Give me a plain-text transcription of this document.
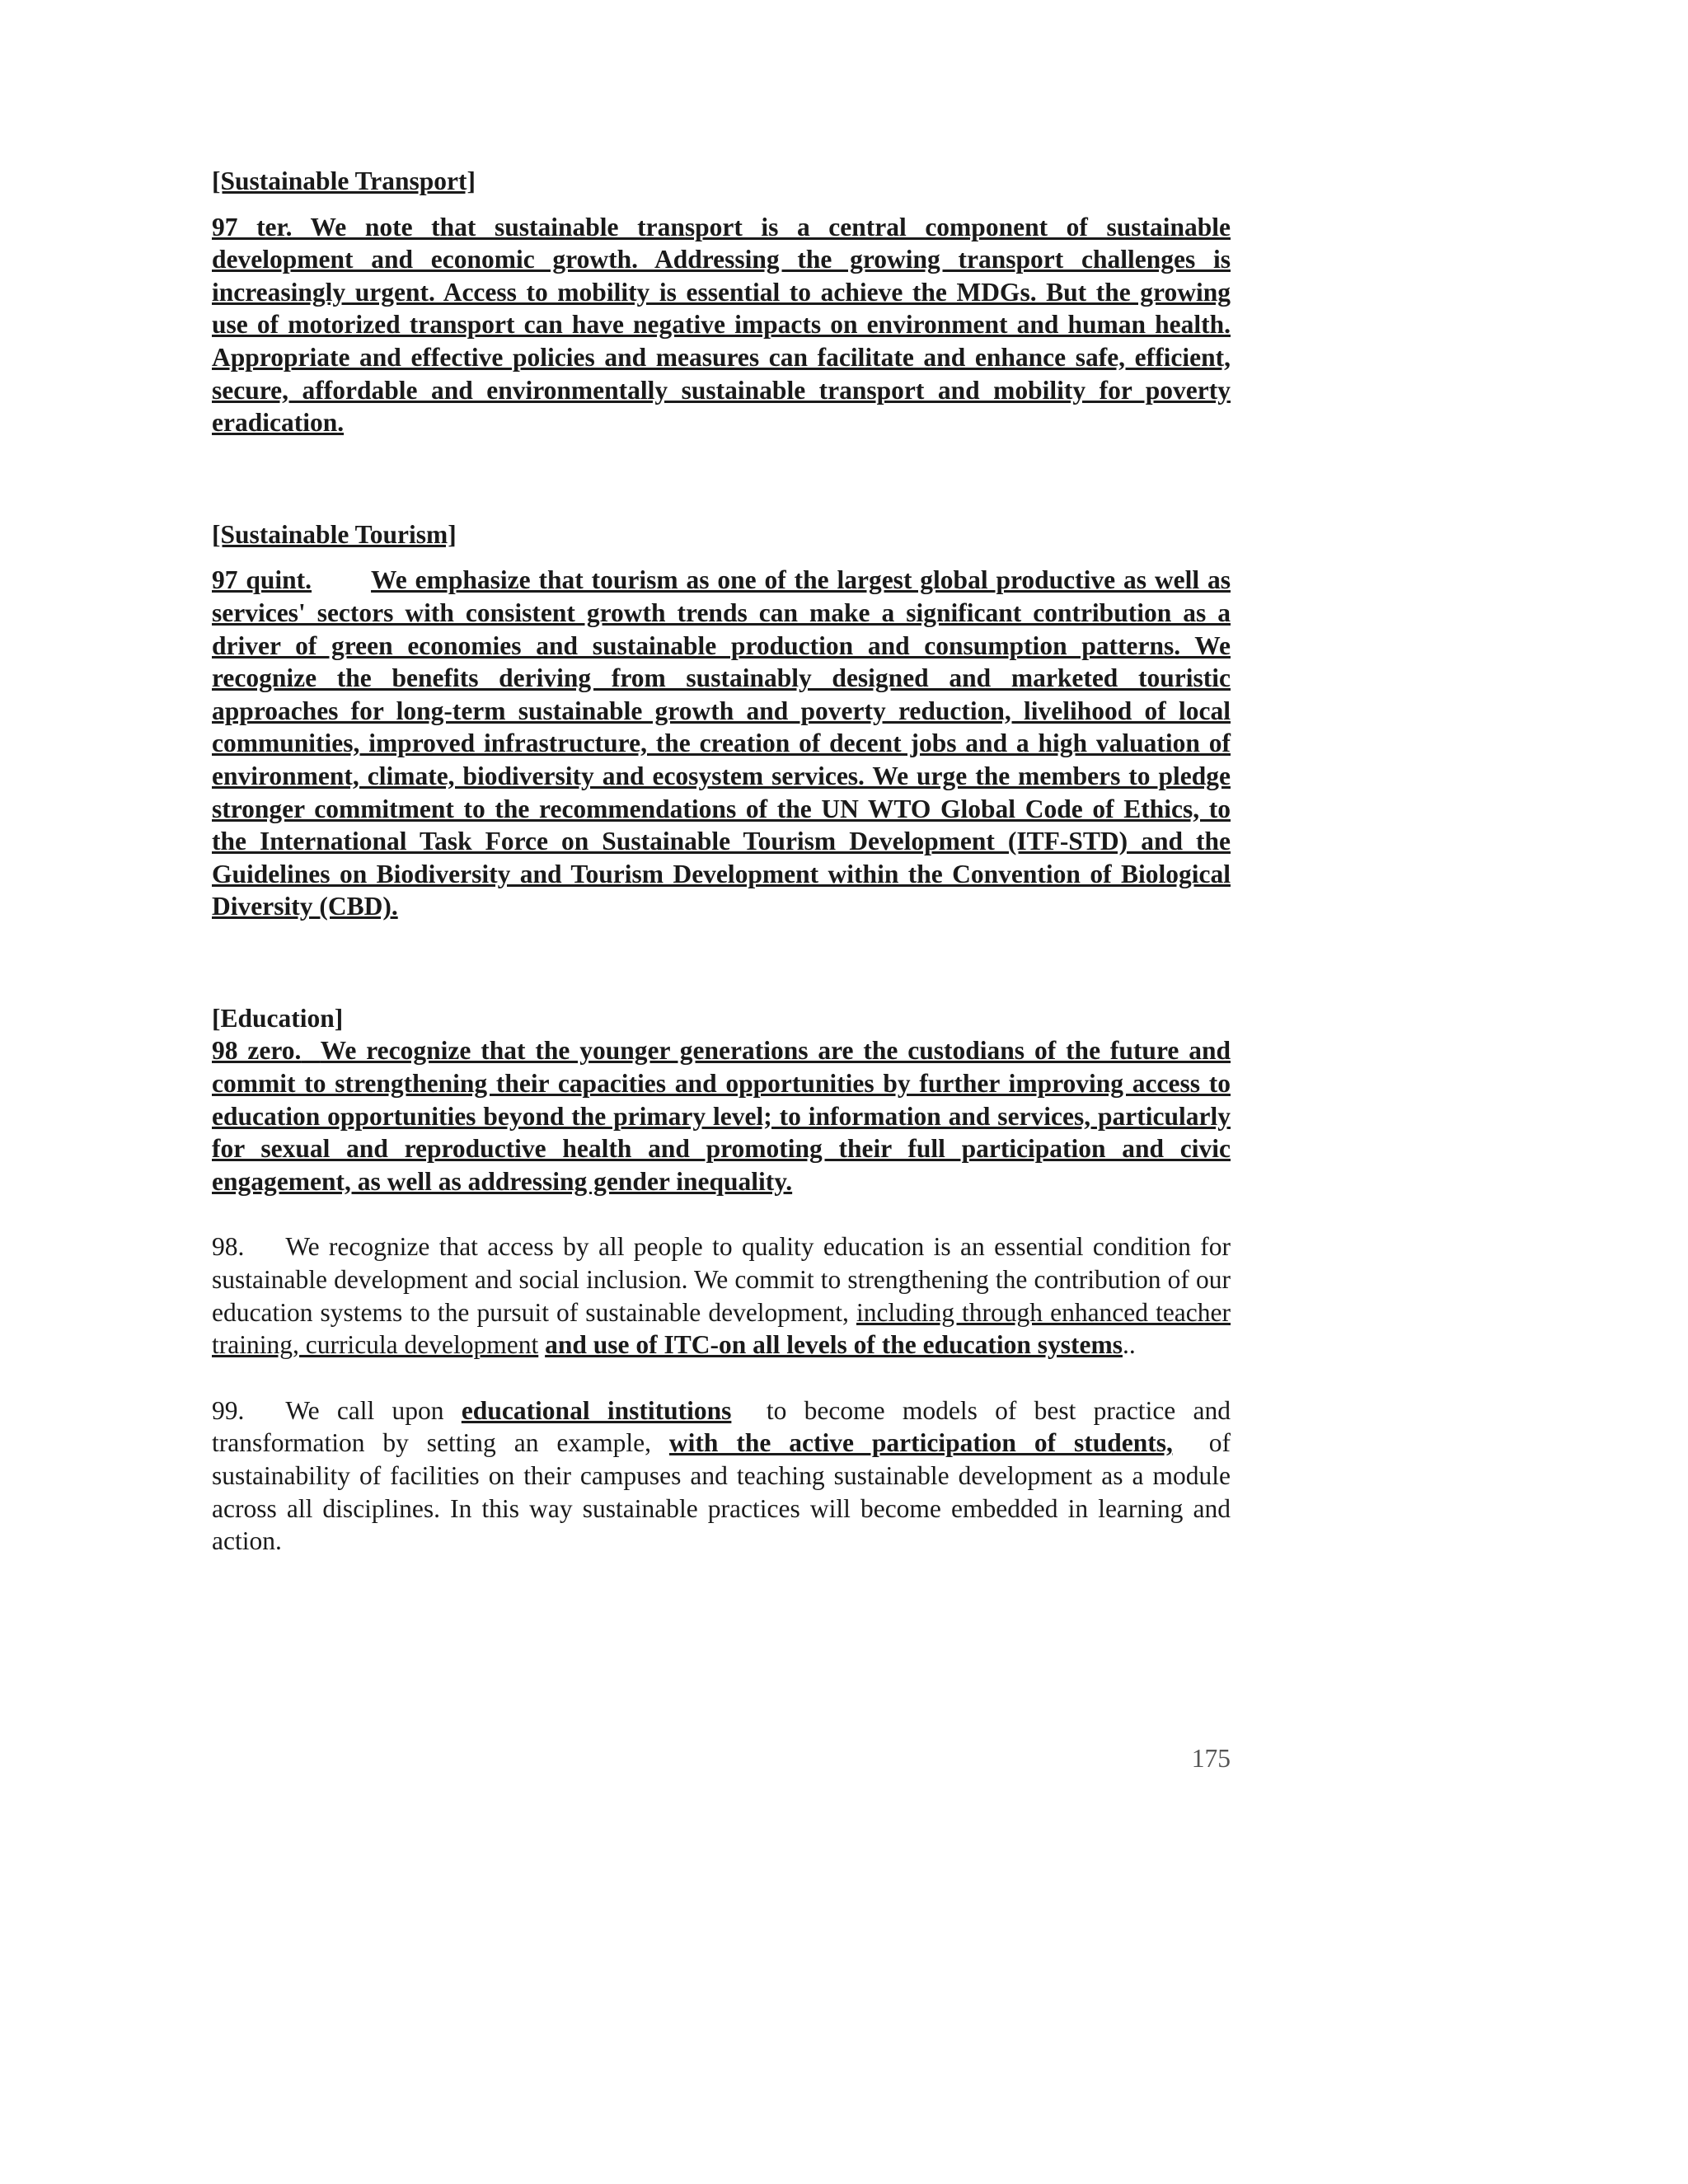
[Sustainable Transport]

97 ter. We note that sustainable transport is a central component of sustainable development and economic growth. Addressing the growing transport challenges is increasingly urgent. Access to mobility is essential to achieve the MDGs. But the growing use of motorized transport can have negative impacts on environment and human health. Appropriate and effective policies and measures can facilitate and enhance safe, efficient, secure, affordable and environmentally sustainable transport and mobility for poverty eradication.

[Sustainable Tourism]

97 quint. We emphasize that tourism as one of the largest global productive as well as services' sectors with consistent growth trends can make a significant contribution as a driver of green economies and sustainable production and consumption patterns. We recognize the benefits deriving from sustainably designed and marketed touristic approaches for long-term sustainable growth and poverty reduction, livelihood of local communities, improved infrastructure, the creation of decent jobs and a high valuation of environment, climate, biodiversity and ecosystem services. We urge the members to pledge stronger commitment to the recommendations of the UN WTO Global Code of Ethics, to the International Task Force on Sustainable Tourism Development (ITF-STD) and the Guidelines on Biodiversity and Tourism Development within the Convention of Biological Diversity (CBD).

[Education]

98 zero. We recognize that the younger generations are the custodians of the future and commit to strengthening their capacities and opportunities by further improving access to education opportunities beyond the primary level; to information and services, particularly for sexual and reproductive health and promoting their full participation and civic engagement, as well as addressing gender inequality.

98. We recognize that access by all people to quality education is an essential condition for sustainable development and social inclusion. We commit to strengthening the contribution of our education systems to the pursuit of sustainable development, including through enhanced teacher training, curricula development and use of ITC-on all levels of the education systems..

99. We call upon educational institutions to become models of best practice and transformation by setting an example, with the active participation of students, of sustainability of facilities on their campuses and teaching sustainable development as a module across all disciplines. In this way sustainable practices will become embedded in learning and action.

175
